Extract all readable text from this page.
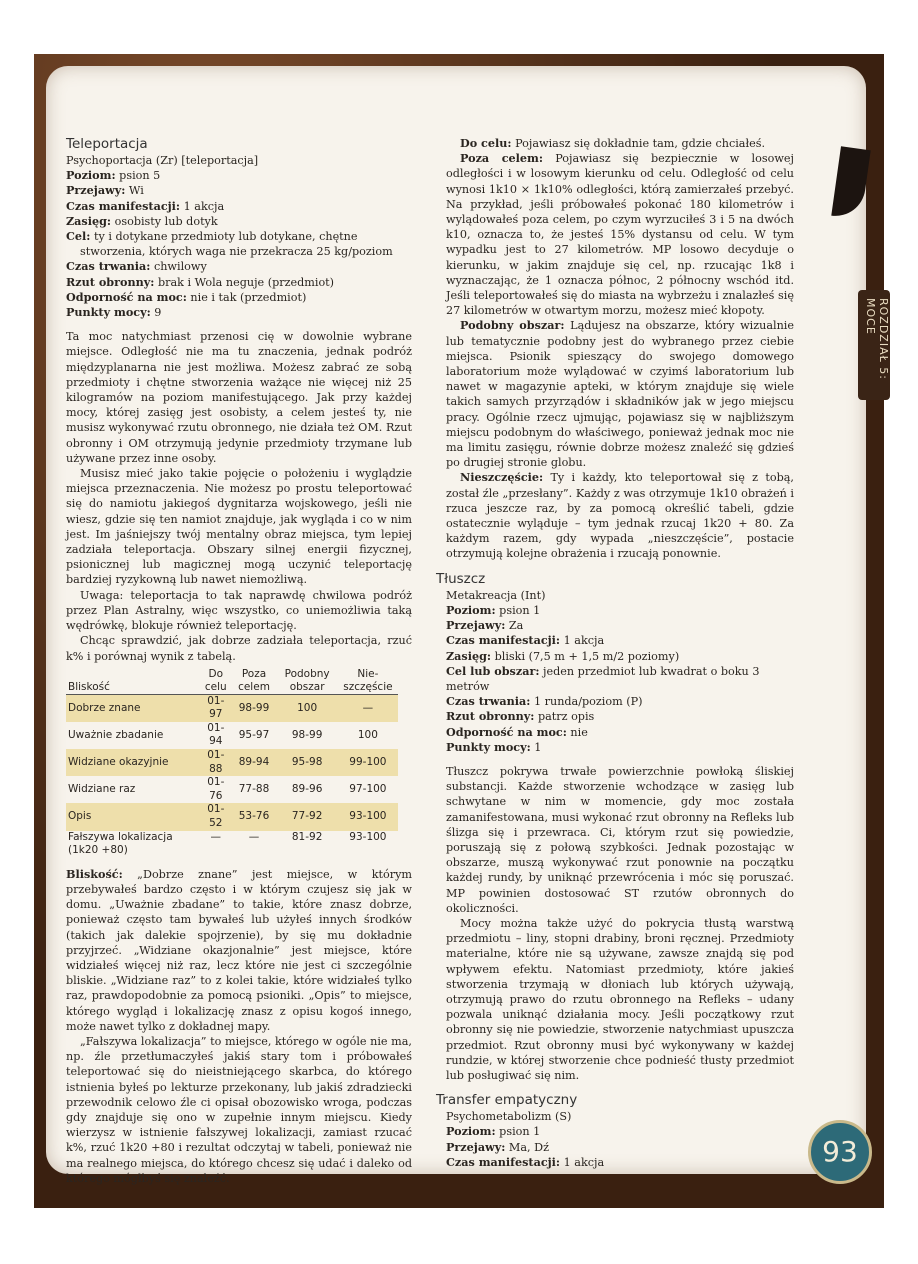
ROZDZIAŁ 5: MOCE
93
Teleportacja
Psychoportacja (Zr) [teleportacja]
Poziom: psion 5
Przejawy: Wi
Czas manifestacji: 1 akcja
Zasięg: osobisty lub dotyk
Cel: ty i dotykane przedmioty lub dotykane, chętne stworzenia, których waga nie przekracza 25 kg/poziom
Czas trwania: chwilowy
Rzut obronny: brak i Wola neguje (przedmiot)
Odporność na moc: nie i tak (przedmiot)
Punkty mocy: 9

Ta moc natychmiast przenosi cię w dowolnie wybrane miejsce. Odległość nie ma tu znaczenia, jednak podróż międzyplanarna nie jest możliwa. Możesz zabrać ze sobą przedmioty i chętne stworzenia ważące nie więcej niż 25 kilogramów na poziom manifestującego. Jak przy każdej mocy, której zasięg jest osobisty, a celem jesteś ty, nie musisz wykonywać rzutu obronnego, nie działa też OM. Rzut obronny i OM otrzymują jedynie przedmioty trzymane lub używane przez inne osoby.

Musisz mieć jako takie pojęcie o położeniu i wyglądzie miejsca przeznaczenia. Nie możesz po prostu teleportować się do namiotu jakiegoś dygnitarza wojskowego, jeśli nie wiesz, gdzie się ten namiot znajduje, jak wygląda i co w nim jest. Im jaśniejszy twój mentalny obraz miejsca, tym lepiej zadziała teleportacja. Obszary silnej energii fizycznej, psionicznej lub magicznej mogą uczynić teleportację bardziej ryzykowną lub nawet niemożliwą.

Uwaga: teleportacja to tak naprawdę chwilowa podróż przez Plan Astralny, więc wszystko, co uniemożliwia taką wędrówkę, blokuje również teleportację.

Chcąc sprawdzić, jak dobrze zadziała teleportacja, rzuć k% i porównaj wynik z tabelą.

Bliskość	Do celu	Poza celem	Podobny obszar	Nie-szczęście
Dobrze znane	01-97	98-99	100	—
Uważnie zbadanie	01-94	95-97	98-99	100
Widziane okazyjnie	01-88	89-94	95-98	99-100
Widziane raz	01-76	77-88	89-96	97-100
Opis	01-52	53-76	77-92	93-100
Fałszywa lokalizacja (1k20 +80)	—	—	81-92	93-100

Bliskość: „Dobrze znane” jest miejsce, w którym przebywałeś bardzo często i w którym czujesz się jak w domu. „Uważnie zbadane” to takie, które znasz dobrze, ponieważ często tam bywałeś lub użyłeś innych środków (takich jak dalekie spojrzenie), by się mu dokładnie przyjrzeć. „Widziane okazjonalnie” jest miejsce, które widziałeś więcej niż raz, lecz które nie jest ci szczególnie bliskie. „Widziane raz” to z kolei takie, które widziałeś tylko raz, prawdopodobnie za pomocą psioniki. „Opis” to miejsce, którego wygląd i lokalizację znasz z opisu kogoś innego, może nawet tylko z dokładnej mapy.

„Fałszywa lokalizacja” to miejsce, którego w ogóle nie ma, np. źle przetłumaczyłeś jakiś stary tom i próbowałeś teleportować się do nieistniejącego skarbca, do którego istnienia byłeś po lekturze przekonany, lub jakiś zdradziecki przewodnik celowo źle ci opisał obozowisko wroga, podczas gdy znajduje się ono w zupełnie innym miejscu. Kiedy wierzysz w istnienie fałszywej lokalizacji, zamiast rzucać k%, rzuć 1k20 +80 i rezultat odczytaj w tabeli, ponieważ nie ma realnego miejsca, do którego chcesz się udać i daleko od którego mógłbyś się znaleźć.

Do celu: Pojawiasz się dokładnie tam, gdzie chciałeś.

Poza celem: Pojawiasz się bezpiecznie w losowej odległości i w losowym kierunku od celu. Odległość od celu wynosi 1k10 × 1k10% odległości, którą zamierzałeś przebyć. Na przykład, jeśli próbowałeś pokonać 180 kilometrów i wylądowałeś poza celem, po czym wyrzuciłeś 3 i 5 na dwóch k10, oznacza to, że jesteś 15% dystansu od celu. W tym wypadku jest to 27 kilometrów. MP losowo decyduje o kierunku, w jakim znajduje się cel, np. rzucając 1k8 i wyznaczając, że 1 oznacza północ, 2 północny wschód itd. Jeśli teleportowałeś się do miasta na wybrzeżu i znalazłeś się 27 kilometrów w otwartym morzu, możesz mieć kłopoty.

Podobny obszar: Lądujesz na obszarze, który wizualnie lub tematycznie podobny jest do wybranego przez ciebie miejsca. Psionik spieszący do swojego domowego laboratorium może wylądować w czyimś laboratorium lub nawet w magazynie apteki, w którym znajduje się wiele takich samych przyrządów i składników jak w jego miejscu pracy. Ogólnie rzecz ujmując, pojawiasz się w najbliższym miejscu podobnym do właściwego, ponieważ jednak moc nie ma limitu zasięgu, równie dobrze możesz znaleźć się gdzieś po drugiej stronie globu.

Nieszczęście: Ty i każdy, kto teleportował się z tobą, został źle „przesłany”. Każdy z was otrzymuje 1k10 obrażeń i rzuca jeszcze raz, by za pomocą określić tabeli, gdzie ostatecznie wyląduje – tym jednak rzucaj 1k20 + 80. Za każdym razem, gdy wypada „nieszczęście”, postacie otrzymują kolejne obrażenia i rzucają ponownie.

Tłuszcz
Metakreacja (Int)
Poziom: psion 1
Przejawy: Za
Czas manifestacji: 1 akcja
Zasięg: bliski (7,5 m + 1,5 m/2 poziomy)
Cel lub obszar: jeden przedmiot lub kwadrat o boku 3 metrów
Czas trwania: 1 runda/poziom (P)
Rzut obronny: patrz opis
Odporność na moc: nie
Punkty mocy: 1

Tłuszcz pokrywa trwałe powierzchnie powłoką śliskiej substancji. Każde stworzenie wchodzące w zasięg lub schwytane w nim w momencie, gdy moc została zamanifestowana, musi wykonać rzut obronny na Refleks lub ślizga się i przewraca. Ci, którym rzut się powiedzie, poruszają się z połową szybkości. Jednak pozostając w obszarze, muszą wykonywać rzut ponownie na początku każdej rundy, by uniknąć przewrócenia i móc się poruszać. MP powinien dostosować ST rzutów obronnych do okoliczności.

Mocy można także użyć do pokrycia tłustą warstwą przedmiotu – liny, stopni drabiny, broni ręcznej. Przedmioty materialne, które nie są używane, zawsze znajdą się pod wpływem efektu. Natomiast przedmioty, które jakieś stworzenia trzymają w dłoniach lub których używają, otrzymują prawo do rzutu obronnego na Refleks – udany pozwala uniknąć działania mocy. Jeśli początkowy rzut obronny się nie powiedzie, stworzenie natychmiast upuszcza przedmiot. Rzut obronny musi być wykonywany w każdej rundzie, w której stworzenie chce podnieść tłusty przedmiot lub posługiwać się nim.

Transfer empatyczny
Psychometabolizm (S)
Poziom: psion 1
Przejawy: Ma, Dź
Czas manifestacji: 1 akcja
